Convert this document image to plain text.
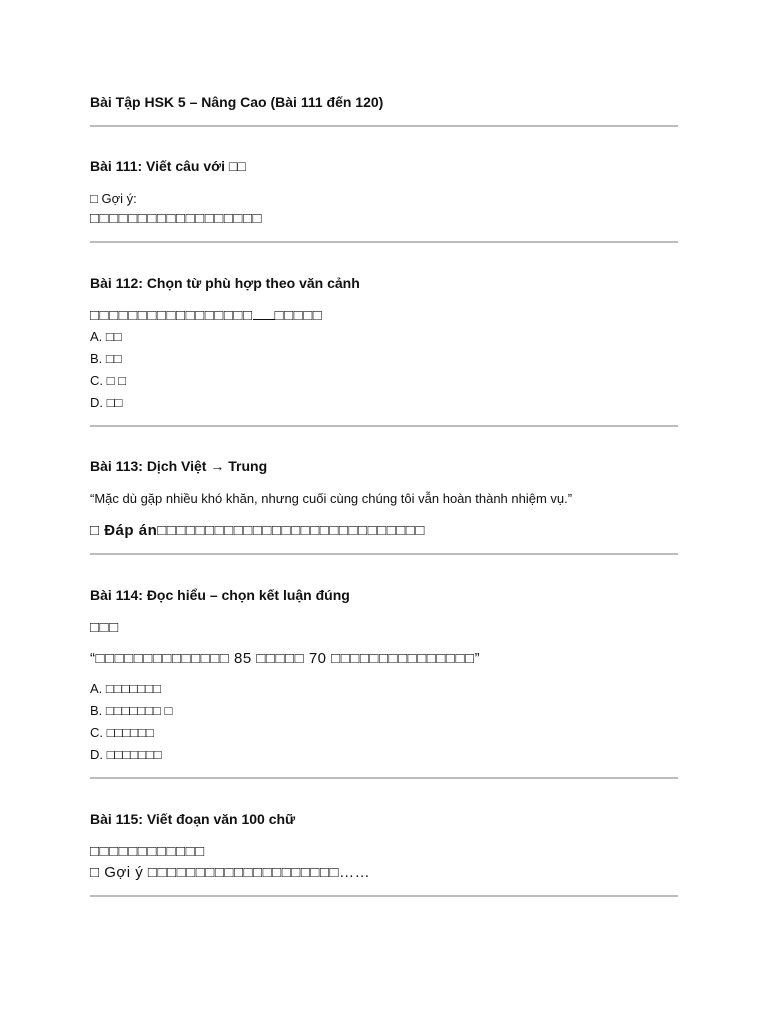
Bài Tập HSK 5 – Nâng Cao (Bài 111 đến 120)
Bài 111: Viết câu với □□
□ Gợi ý:
□□□□□□□□□□□□□□□□□□
Bài 112: Chọn từ phù hợp theo văn cảnh
□□□□□□□□□□□□□□□□□ □□□□□
A. □□
B. □□
C. □ □
D. □□
Bài 113: Dịch Việt → Trung
“Mặc dù gặp nhiều khó khăn, nhưng cuối cùng chúng tôi vẫn hoàn thành nhiệm vụ.”
□ Đáp án□□□□□□□□□□□□□□□□□□□□□□□□□□□□
Bài 114: Đọc hiểu – chọn kết luận đúng
□□□
“□□□□□□□□□□□□□□ 85 □□□□□ 70 □□□□□□□□□□□□□□□”
A. □□□□□□□
B. □□□□□□□ □
C. □□□□□□
D. □□□□□□□
Bài 115: Viết đoạn văn 100 chữ
□□□□□□□□□□□□
□ Gợi ý □□□□□□□□□□□□□□□□□□□□……
